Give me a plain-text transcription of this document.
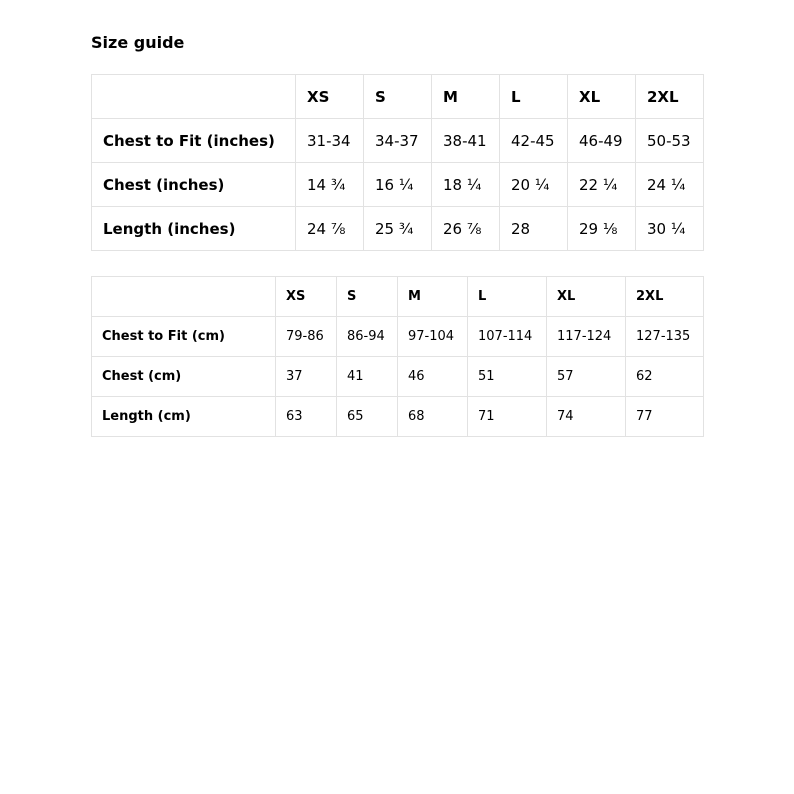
Size guide
	XS	S	M	L	XL	2XL
Chest to Fit (inches)	31-34	34-37	38-41	42-45	46-49	50-53
Chest (inches)	14 ¾	16 ¼	18 ¼	20 ¼	22 ¼	24 ¼
Length (inches)	24 ⅞	25 ¾	26 ⅞	28	29 ⅛	30 ¼
	XS	S	M	L	XL	2XL
Chest to Fit (cm)	79-86	86-94	97-104	107-114	117-124	127-135
Chest (cm)	37	41	46	51	57	62
Length (cm)	63	65	68	71	74	77
